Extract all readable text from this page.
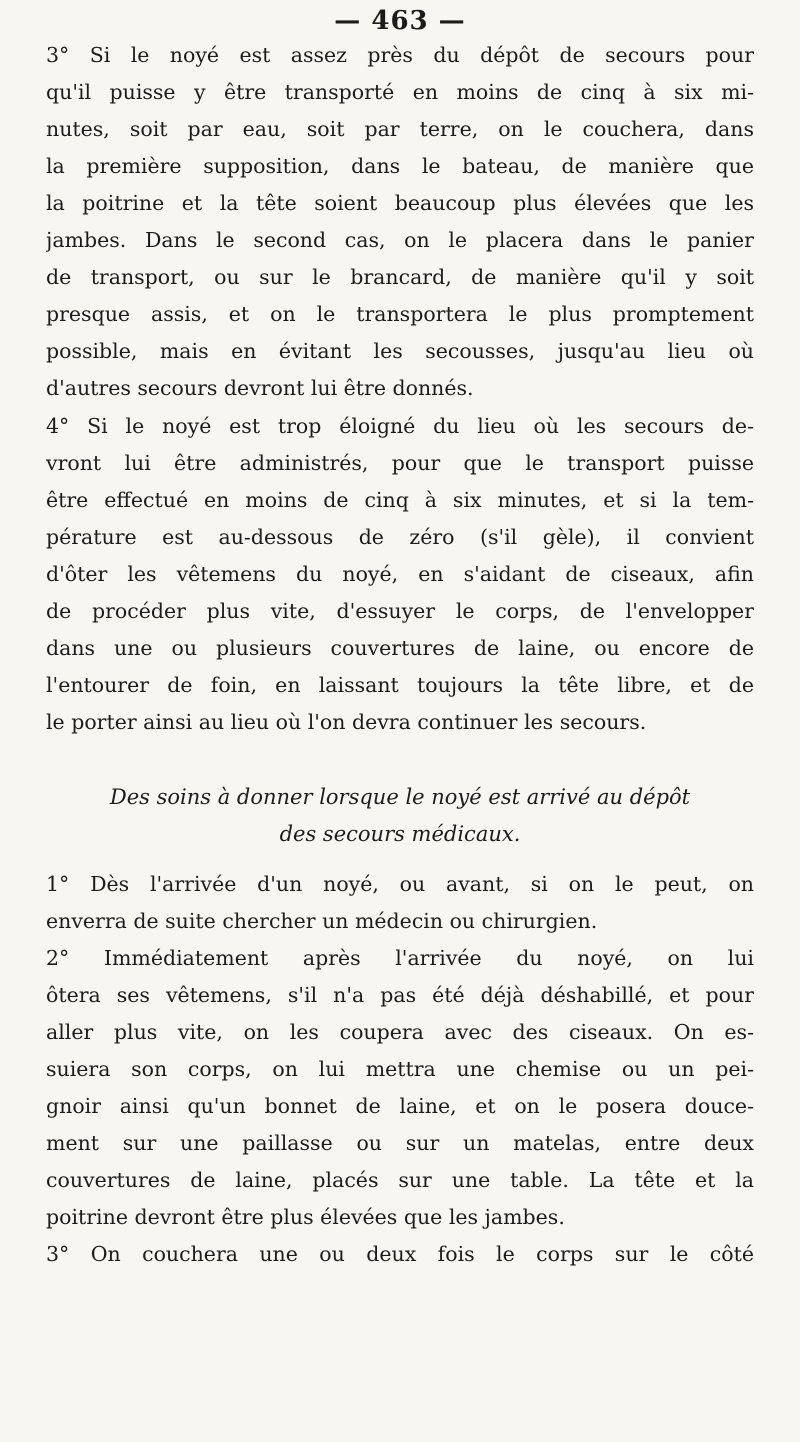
— 463 —
3° Si le noyé est assez près du dépôt de secours pour
qu'il puisse y être transporté en moins de cinq à six mi-
nutes, soit par eau, soit par terre, on le couchera, dans
la première supposition, dans le bateau, de manière que
la poitrine et la tête soient beaucoup plus élevées que les
jambes. Dans le second cas, on le placera dans le panier
de transport, ou sur le brancard, de manière qu'il y soit
presque assis, et on le transportera le plus promptement
possible, mais en évitant les secousses, jusqu'au lieu où
d'autres secours devront lui être donnés.
4° Si le noyé est trop éloigné du lieu où les secours de-
vront lui être administrés, pour que le transport puisse
être effectué en moins de cinq à six minutes, et si la tem-
pérature est au-dessous de zéro (s'il gèle), il convient
d'ôter les vêtemens du noyé, en s'aidant de ciseaux, afin
de procéder plus vite, d'essuyer le corps, de l'envelopper
dans une ou plusieurs couvertures de laine, ou encore de
l'entourer de foin, en laissant toujours la tête libre, et de
le porter ainsi au lieu où l'on devra continuer les secours.
Des soins à donner lorsque le noyé est arrivé au dépôt
des secours médicaux.
1° Dès l'arrivée d'un noyé, ou avant, si on le peut, on
enverra de suite chercher un médecin ou chirurgien.
2° Immédiatement après l'arrivée du noyé, on lui
ôtera ses vêtemens, s'il n'a pas été déjà déshabillé, et pour
aller plus vite, on les coupera avec des ciseaux. On es-
suiera son corps, on lui mettra une chemise ou un pei-
gnoir ainsi qu'un bonnet de laine, et on le posera douce-
ment sur une paillasse ou sur un matelas, entre deux
couvertures de laine, placés sur une table. La tête et la
poitrine devront être plus élevées que les jambes.
3° On couchera une ou deux fois le corps sur le côté
